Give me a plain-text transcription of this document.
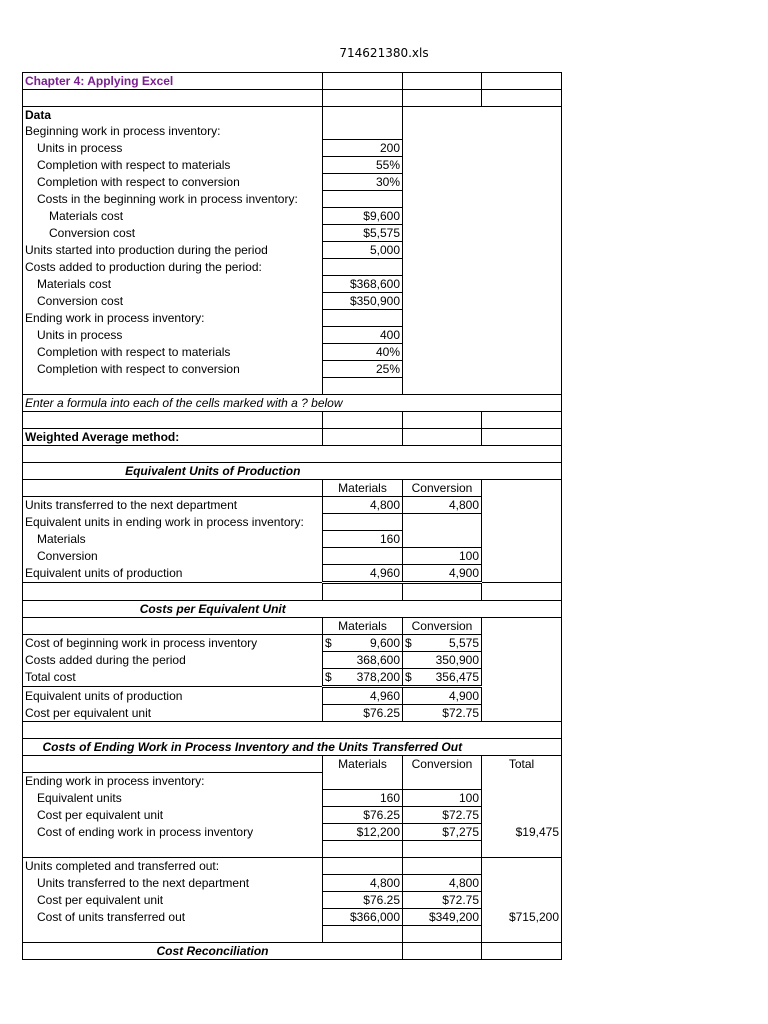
714621380.xls
Chapter 4: Applying Excel			

Data			
Beginning work in process inventory:			
Units in process	200		
Completion with respect to materials	55%		
Completion with respect to conversion	30%		
Costs in the beginning work in process inventory:			
Materials cost	$9,600		
Conversion cost	$5,575		
Units started into production during the period	5,000		
Costs added to production during the period:			
Materials cost	$368,600		
Conversion cost	$350,900		
Ending work in process inventory:			
Units in process	400		
Completion with respect to materials	40%		
Completion with respect to conversion	25%		

Enter a formula into each of the cells marked with a ? below			

Weighted Average method:			

Equivalent Units of Production			
	Materials	Conversion	
Units transferred to the next department	4,800	4,800	
Equivalent units in ending work in process inventory:			
Materials	160		
Conversion		100	
Equivalent units of production	4,960	4,900	

Costs per Equivalent Unit			
	Materials	Conversion	
Cost of beginning work in process inventory	$ 9,600	$ 5,575	

Costs added during the period	368,600	350,900	
Total cost	$ 378,200	$ 356,475	

Equivalent units of production	4,960	4,900	
Cost per equivalent unit	$76.25	$72.75	

Costs of Ending Work in Process Inventory and the Units Transferred Out			
	Materials	Conversion	Total
Ending work in process inventory:			
Equivalent units	160	100	
Cost per equivalent unit	$76.25	$72.75	
Cost of ending work in process inventory	$12,200	$7,275	$19,475

Units completed and transferred out:			
Units transferred to the next department	4,800	4,800	
Cost per equivalent unit	$76.25	$72.75	
Cost of units transferred out	$366,000	$349,200	$715,200

Cost Reconciliation			
